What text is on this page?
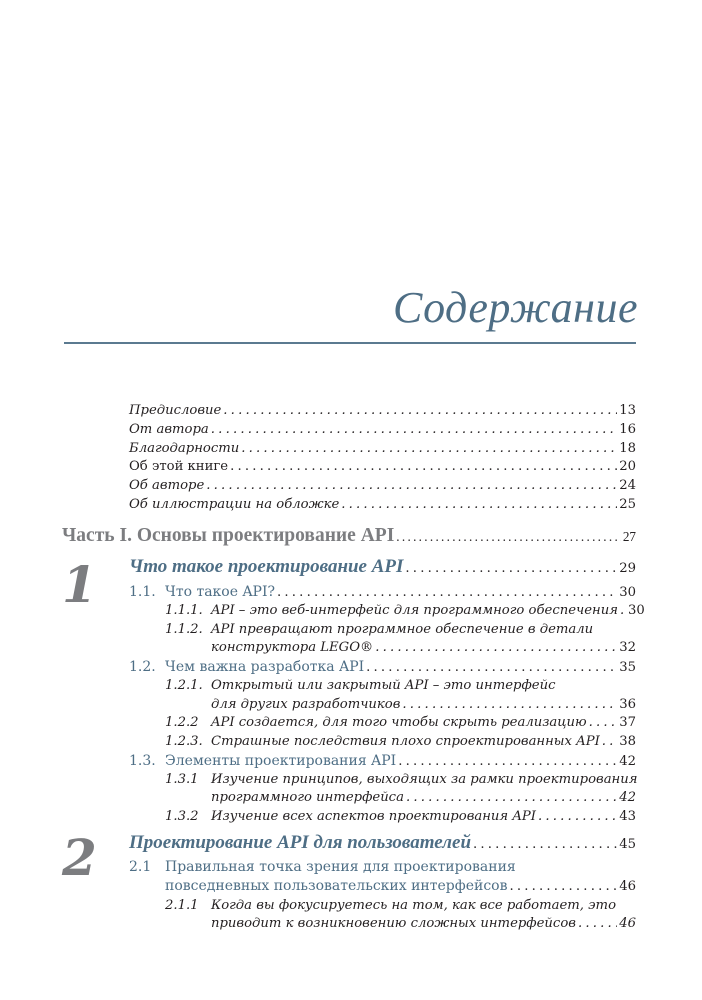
Содержание
Предисловие . . .	13
От автора . . .	16
Благодарности . . .	18
Об этой книге . . .	20
Об авторе . . .	24
Об иллюстрации на обложке . . .	25
Часть I. Основы проектирование API . . .	27
1 Что такое проектирование API . . .	29
1.1. Что такое API? . . .	30
1.1.1. API – это веб-интерфейс для программного обеспечения . . . 30
1.1.2. API превращают программное обеспечение в детали
конструктора LEGO® . . .	32
1.2. Чем важна разработка API . . .	35
1.2.1. Открытый или закрытый API – это интерфейс
для других разработчиков . . .	36
1.2.2 API создается, для того чтобы скрыть реализацию . . . 37
1.2.3. Страшные последствия плохо спроектированных API . . . 38
1.3. Элементы проектирования API . . .	42
1.3.1 Изучение принципов, выходящих за рамки проектирования
программного интерфейса . . .	42
1.3.2 Изучение всех аспектов проектирования API . . .	43
2 Проектирование API для пользователей . . .	45
2.1 Правильная точка зрения для проектирования
повседневных пользовательских интерфейсов . . .	46
2.1.1 Когда вы фокусируетесь на том, как все работает, это
приводит к возникновению сложных интерфейсов . . .	46
